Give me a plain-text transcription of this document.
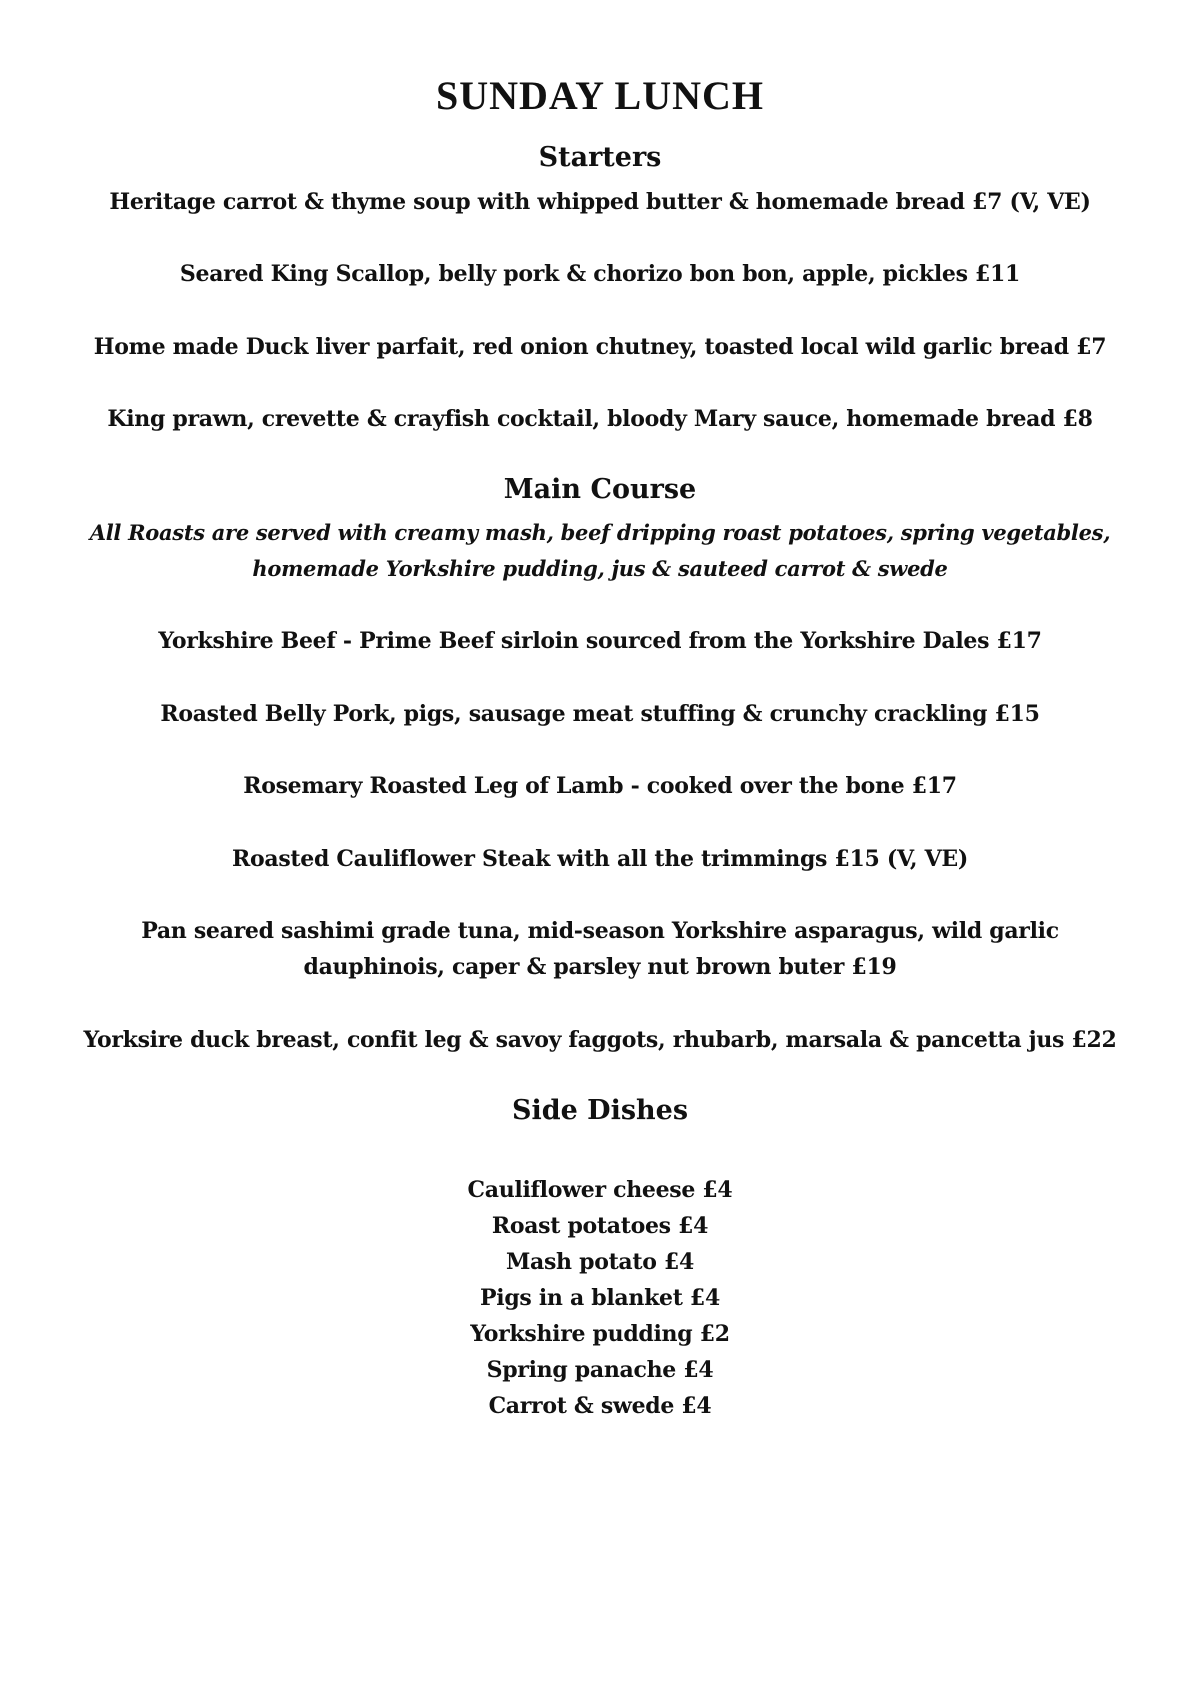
SUNDAY LUNCH
Starters
Heritage carrot & thyme soup with whipped butter & homemade bread £7 (V, VE)
Seared King Scallop, belly pork & chorizo bon bon, apple, pickles £11
Home made Duck liver parfait, red onion chutney, toasted local wild garlic bread £7
King prawn, crevette & crayfish cocktail, bloody Mary sauce, homemade bread £8
Main Course
All Roasts are served with creamy mash, beef dripping roast potatoes, spring vegetables, homemade Yorkshire pudding, jus & sauteed carrot & swede
Yorkshire Beef - Prime Beef sirloin sourced from the Yorkshire Dales £17
Roasted Belly Pork, pigs, sausage meat stuffing & crunchy crackling £15
Rosemary Roasted Leg of Lamb - cooked over the bone £17
Roasted Cauliflower Steak with all the trimmings £15 (V, VE)
Pan seared sashimi grade tuna, mid-season Yorkshire asparagus, wild garlic dauphinois, caper & parsley nut brown buter £19
Yorksire duck breast, confit leg & savoy faggots, rhubarb, marsala & pancetta jus £22
Side Dishes
Cauliflower cheese £4
Roast potatoes £4
Mash potato £4
Pigs in a blanket £4
Yorkshire pudding £2
Spring panache £4
Carrot & swede £4
